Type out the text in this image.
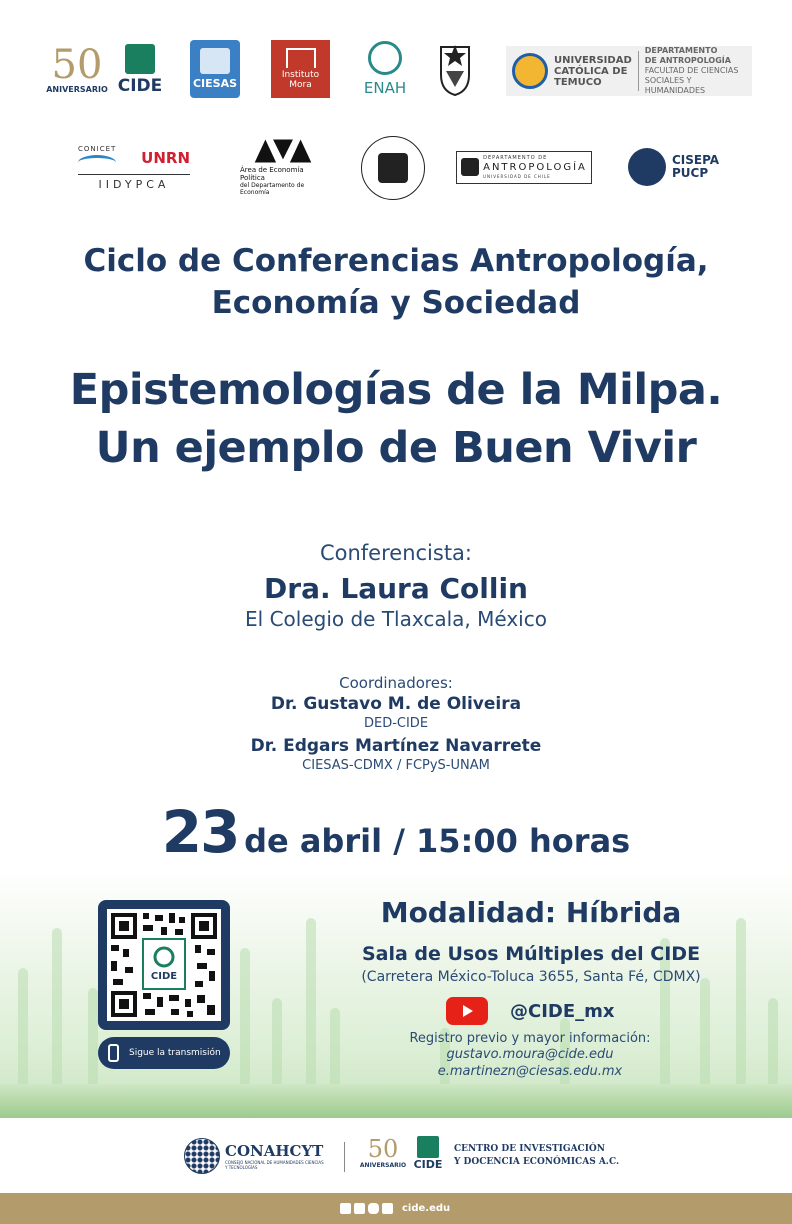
50
ANIVERSARIO CIDE	CIESAS
Instituto
Mora	ENAH
UNIVERSIDAD
CATÓLICA DE
TEMUCO
DEPARTAMENTO
DE ANTROPOLOGÍA
FACULTAD DE CIENCIAS
SOCIALES Y HUMANIDADES
CONICET UNRN
IIDYPCA
Área de Economía Política
del Departamento de Economía
DEPARTAMENTO DE
ANTROPOLOGÍA
UNIVERSIDAD DE CHILE
CISEPA
PUCP
Ciclo de Conferencias Antropología,
Economía y Sociedad
Epistemologías de la Milpa.
Un ejemplo de Buen Vivir
Conferencista:
Dra. Laura Collin
El Colegio de Tlaxcala, México
Coordinadores:
Dr. Gustavo M. de Oliveira
DED-CIDE
Dr. Edgars Martínez Navarrete
CIESAS-CDMX / FCPyS-UNAM
23 de abril / 15:00 horas
CIDE
Sigue la transmisión
Modalidad: Híbrida
Sala de Usos Múltiples del CIDE
(Carretera México-Toluca 3655, Santa Fé, CDMX)
@CIDE_mx
Registro previo y mayor información:
gustavo.moura@cide.edu
e.martinezn@ciesas.edu.mx
CONAHCYT
CONSEJO NACIONAL DE HUMANIDADES CIENCIAS Y TECNOLOGÍAS
50
ANIVERSARIO CIDE
CENTRO DE INVESTIGACIÓN
Y DOCENCIA ECONÓMICAS A.C.
cide.edu
